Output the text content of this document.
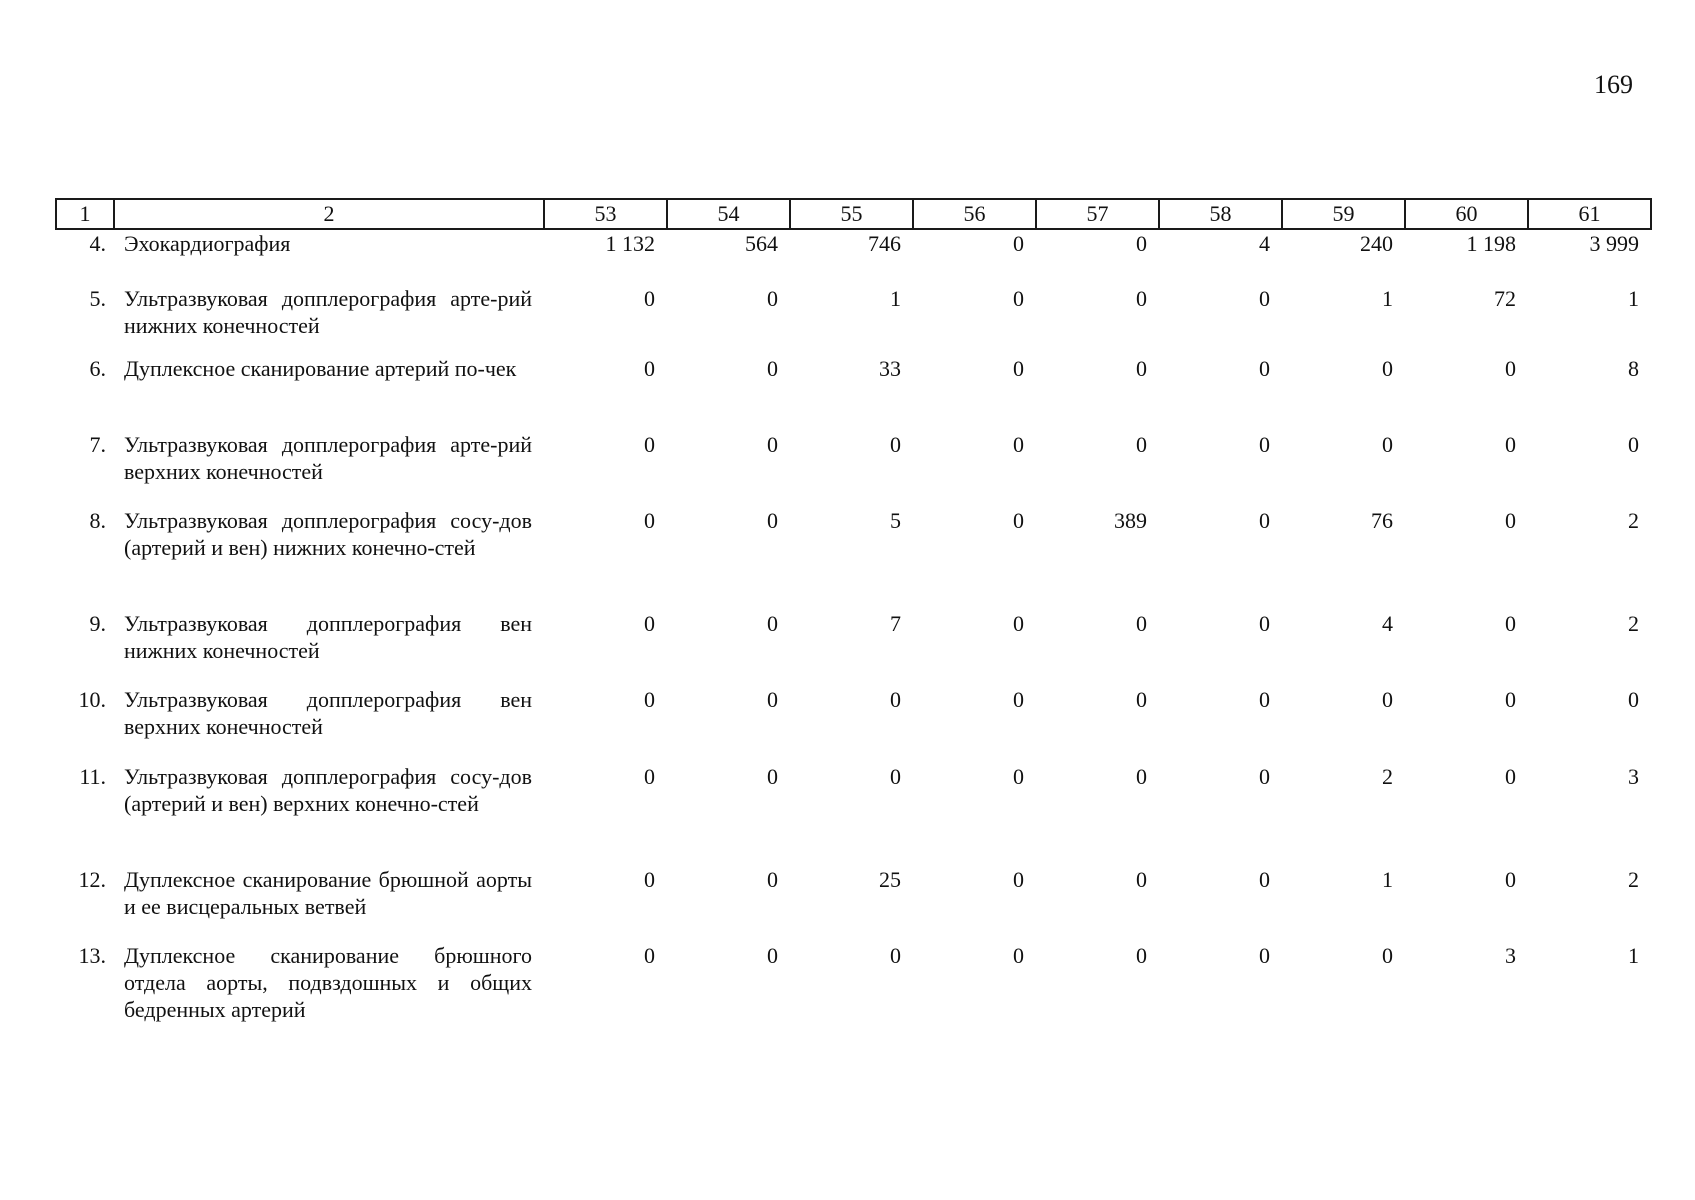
169
1	2	53	54	55	56	57	58	59	60	61
4.	Эхокардиография	1 132	564	746	0	0	4	240	1 198	3 999
5.	Ультразвуковая допплерография арте-рий нижних конечностей	0	0	1	0	0	0	1	72	1
6.	Дуплексное сканирование артерий по-чек	0	0	33	0	0	0	0	0	8
7.	Ультразвуковая допплерография арте-рий верхних конечностей	0	0	0	0	0	0	0	0	0
8.	Ультразвуковая допплерография сосу-дов (артерий и вен) нижних конечно-стей	0	0	5	0	389	0	76	0	2
9.	Ультразвуковая допплерография вен нижних конечностей	0	0	7	0	0	0	4	0	2
10.	Ультразвуковая допплерография вен верхних конечностей	0	0	0	0	0	0	0	0	0
11.	Ультразвуковая допплерография сосу-дов (артерий и вен) верхних конечно-стей	0	0	0	0	0	0	2	0	3
12.	Дуплексное сканирование брюшной аорты и ее висцеральных ветвей	0	0	25	0	0	0	1	0	2
13.	Дуплексное сканирование брюшного отдела аорты, подвздошных и общих бедренных артерий	0	0	0	0	0	0	0	3	1
